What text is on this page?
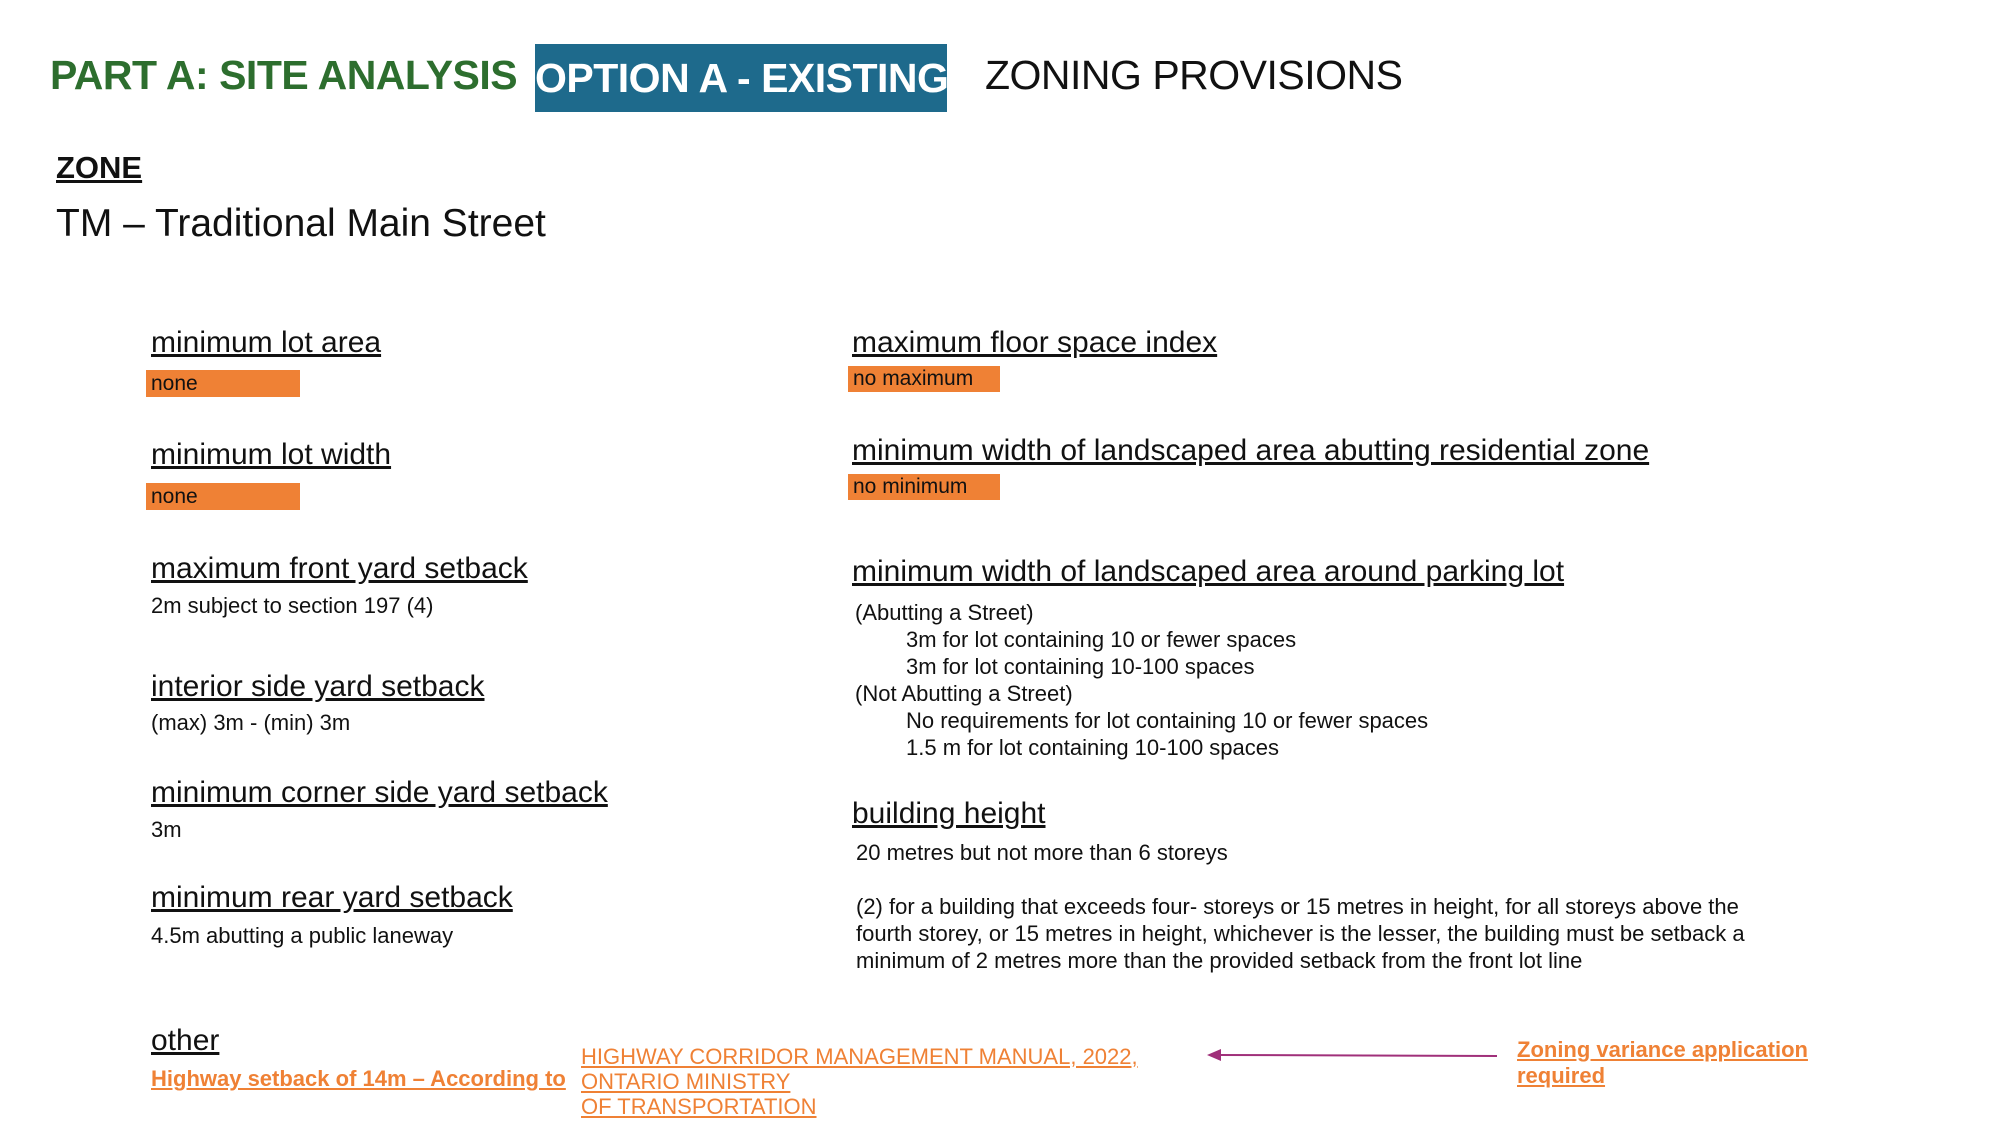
PART A: SITE ANALYSIS OPTION A - EXISTING ZONING PROVISIONS
ZONE
TM – Traditional Main Street
minimum lot area
none
minimum lot width
none
maximum front yard setback
2m subject to section 197 (4)
interior side yard setback
(max) 3m - (min) 3m
minimum corner side yard setback
3m
minimum rear yard setback
4.5m abutting a public laneway
maximum floor space index
no maximum
minimum width of landscaped area abutting residential zone
no minimum
minimum width of landscaped area around parking lot
(Abutting a Street)
3m for lot containing 10 or fewer spaces
3m for lot containing 10-100 spaces
(Not Abutting a Street)
No requirements for lot containing 10 or fewer spaces
1.5 m for lot containing 10-100 spaces
building height
20 metres but not more than 6 storeys
(2) for a building that exceeds four- storeys or 15 metres in height, for all storeys above the
fourth storey, or 15 metres in height, whichever is the lesser, the building must be setback a
minimum of 2 metres more than the provided setback from the front lot line
other
Highway setback of 14m – According to
HIGHWAY CORRIDOR MANAGEMENT MANUAL, 2022,
ONTARIO MINISTRY
OF TRANSPORTATION
Zoning variance application
required
